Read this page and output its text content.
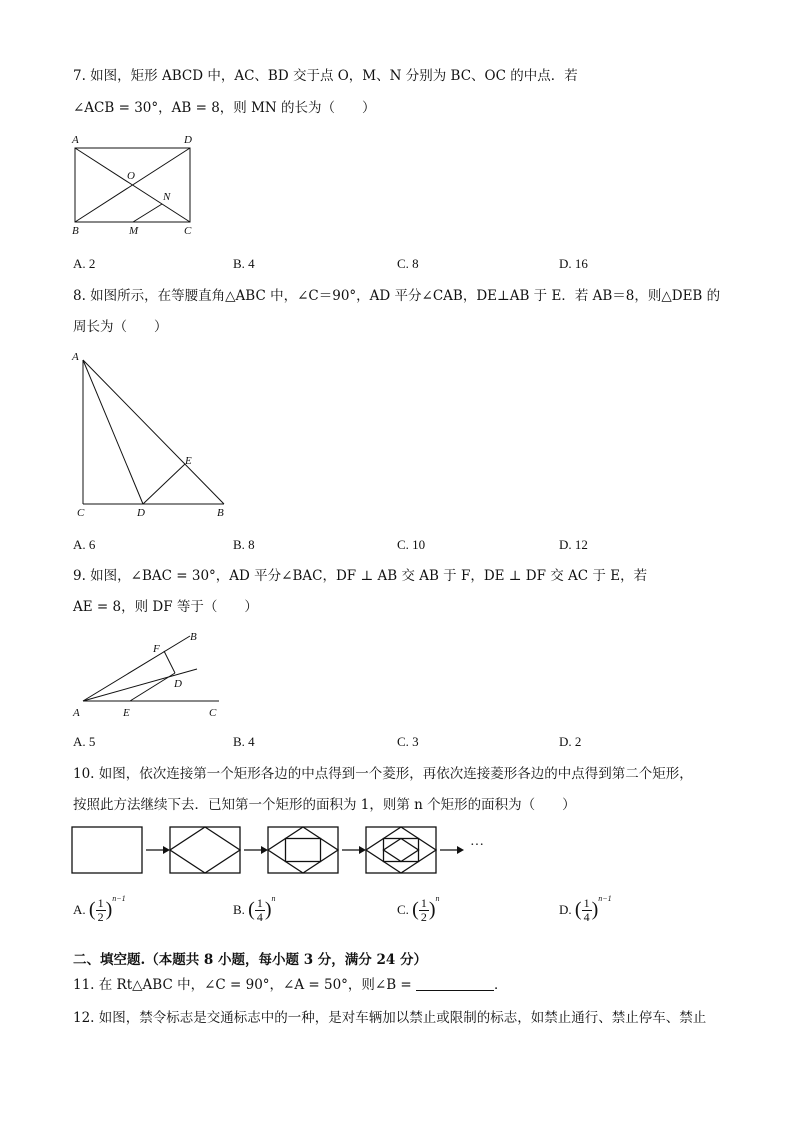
7. 如图，矩形 ABCD 中，AC、BD 交于点 O，M、N 分别为 BC、OC 的中点．若
∠ACB = 30°，AB = 8，则 MN 的长为（　　）
A	D
O
N
B	M	C
A. 2	B. 4	C. 8	D. 16
8. 如图所示，在等腰直角△ABC 中，∠C＝90°，AD 平分∠CAB，DE⊥AB 于 E．若 AB＝8，则△DEB 的
周长为（　　）
A
E
C	D	B
A. 6	B. 8	C. 10	D. 12
9. 如图，∠BAC = 30°，AD 平分∠BAC，DF ⊥ AB 交 AB 于 F，DE ⊥ DF 交 AC 于 E，若
AE = 8，则 DF 等于（　　）
B
F
D
A	E	C
A. 5	B. 4	C. 3	D. 2
10. 如图，依次连接第一个矩形各边的中点得到一个菱形，再依次连接菱形各边的中点得到第二个矩形，
按照此方法继续下去．已知第一个矩形的面积为 1，则第 n 个矩形的面积为（　　）
···
A. ( $\frac{1}{2} )^{n-1}$
B. ( $\frac{1}{4} )^n$
C. ( $\frac{1}{2} )^n$
D. ( $\frac{1}{4} )^{n-1}$
二、填空题.（本题共 8 小题，每小题 3 分，满分 24 分）
11. 在 Rt△ABC 中，∠C = 90°，∠A = 50°，则∠B =	．
12. 如图，禁令标志是交通标志中的一种，是对车辆加以禁止或限制的标志，如禁止通行、禁止停车、禁止
